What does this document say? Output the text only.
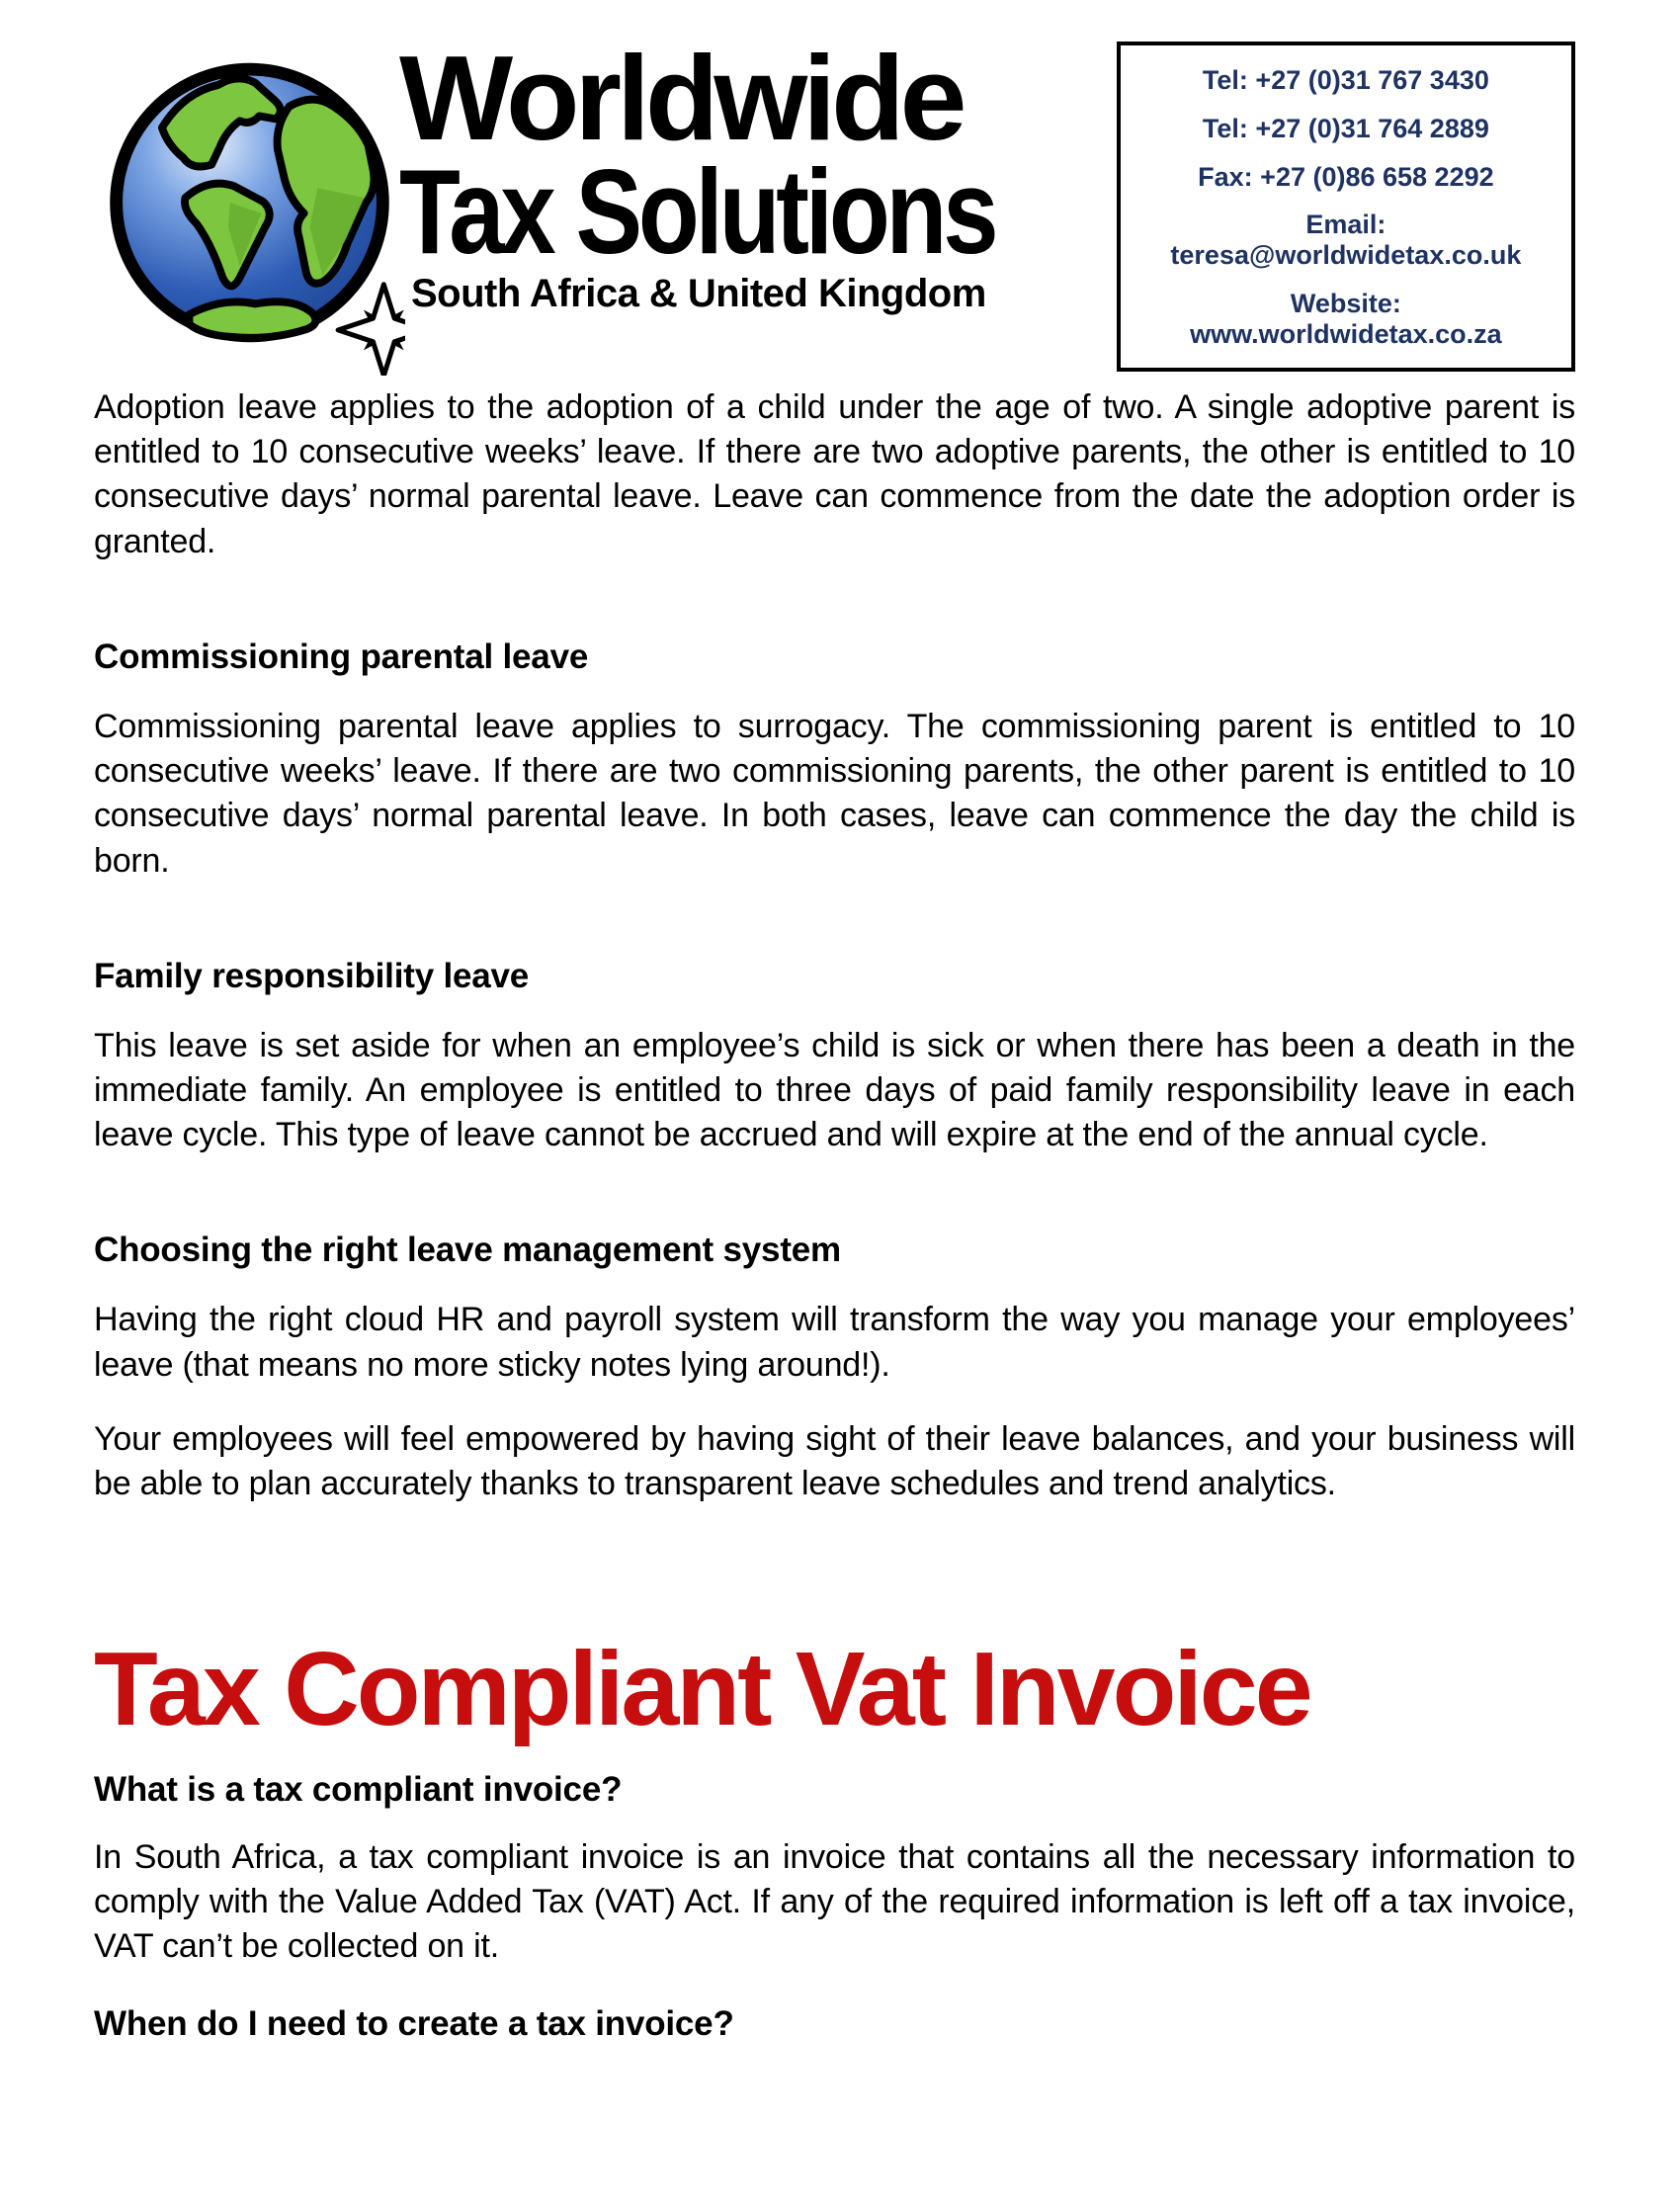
Worldwide
Tax Solutions
South Africa & United Kingdom
Tel: +27 (0)31 767 3430
Tel: +27 (0)31 764 2889
Fax: +27 (0)86 658 2292
Email: teresa@worldwidetax.co.uk
Website: www.worldwidetax.co.za

Adoption leave applies to the adoption of a child under the age of two. A single adoptive parent is entitled to 10 consecutive weeks’ leave. If there are two adoptive parents, the other is entitled to 10 consecutive days’ normal parental leave. Leave can commence from the date the adoption order is granted.

Commissioning parental leave

Commissioning parental leave applies to surrogacy. The commissioning parent is entitled to 10 consecutive weeks’ leave. If there are two commissioning parents, the other parent is entitled to 10 consecutive days’ normal parental leave. In both cases, leave can commence the day the child is born.

Family responsibility leave

This leave is set aside for when an employee’s child is sick or when there has been a death in the immediate family. An employee is entitled to three days of paid family responsibility leave in each leave cycle. This type of leave cannot be accrued and will expire at the end of the annual cycle.

Choosing the right leave management system

Having the right cloud HR and payroll system will transform the way you manage your employees’ leave (that means no more sticky notes lying around!).

Your employees will feel empowered by having sight of their leave balances, and your business will be able to plan accurately thanks to transparent leave schedules and trend analytics.

Tax Compliant Vat Invoice
What is a tax compliant invoice?

In South Africa, a tax compliant invoice is an invoice that contains all the necessary information to comply with the Value Added Tax (VAT) Act. If any of the required information is left off a tax invoice, VAT can’t be collected on it.

When do I need to create a tax invoice?
